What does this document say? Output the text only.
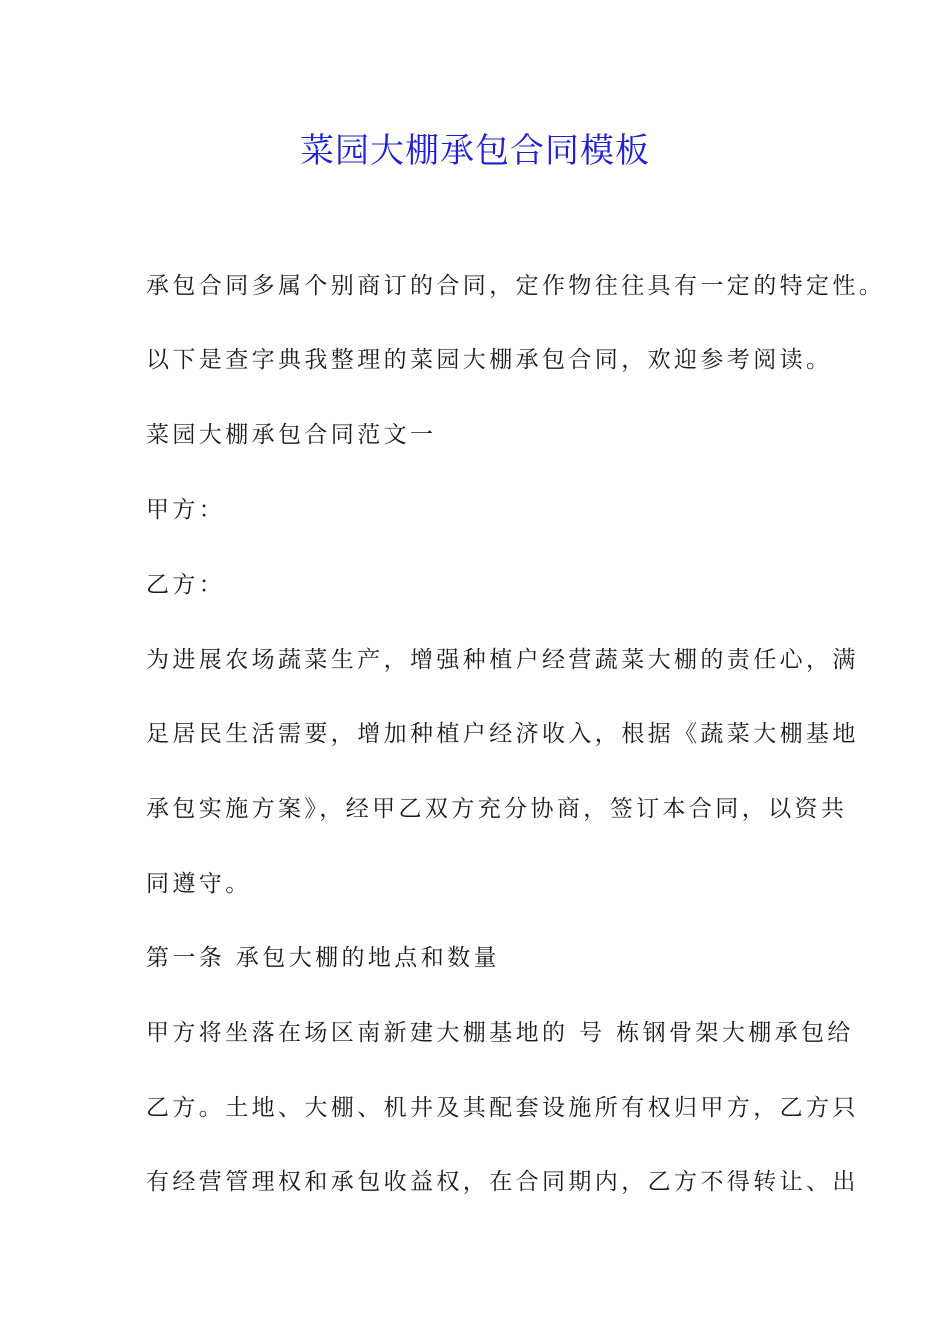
菜园大棚承包合同模板
承包合同多属个别商订的合同，定作物往往具有一定的特定性。
以下是查字典我整理的菜园大棚承包合同，欢迎参考阅读。
菜园大棚承包合同范文一
甲方：
乙方：
为进展农场蔬菜生产，增强种植户经营蔬菜大棚的责任心，满
足居民生活需要，增加种植户经济收入，根据《蔬菜大棚基地
承包实施方案》，经甲乙双方充分协商，签订本合同，以资共
同遵守。
第一条 承包大棚的地点和数量
甲方将坐落在场区南新建大棚基地的 号 栋钢骨架大棚承包给
乙方。土地、大棚、机井及其配套设施所有权归甲方，乙方只
有经营管理权和承包收益权，在合同期内，乙方不得转让、出
